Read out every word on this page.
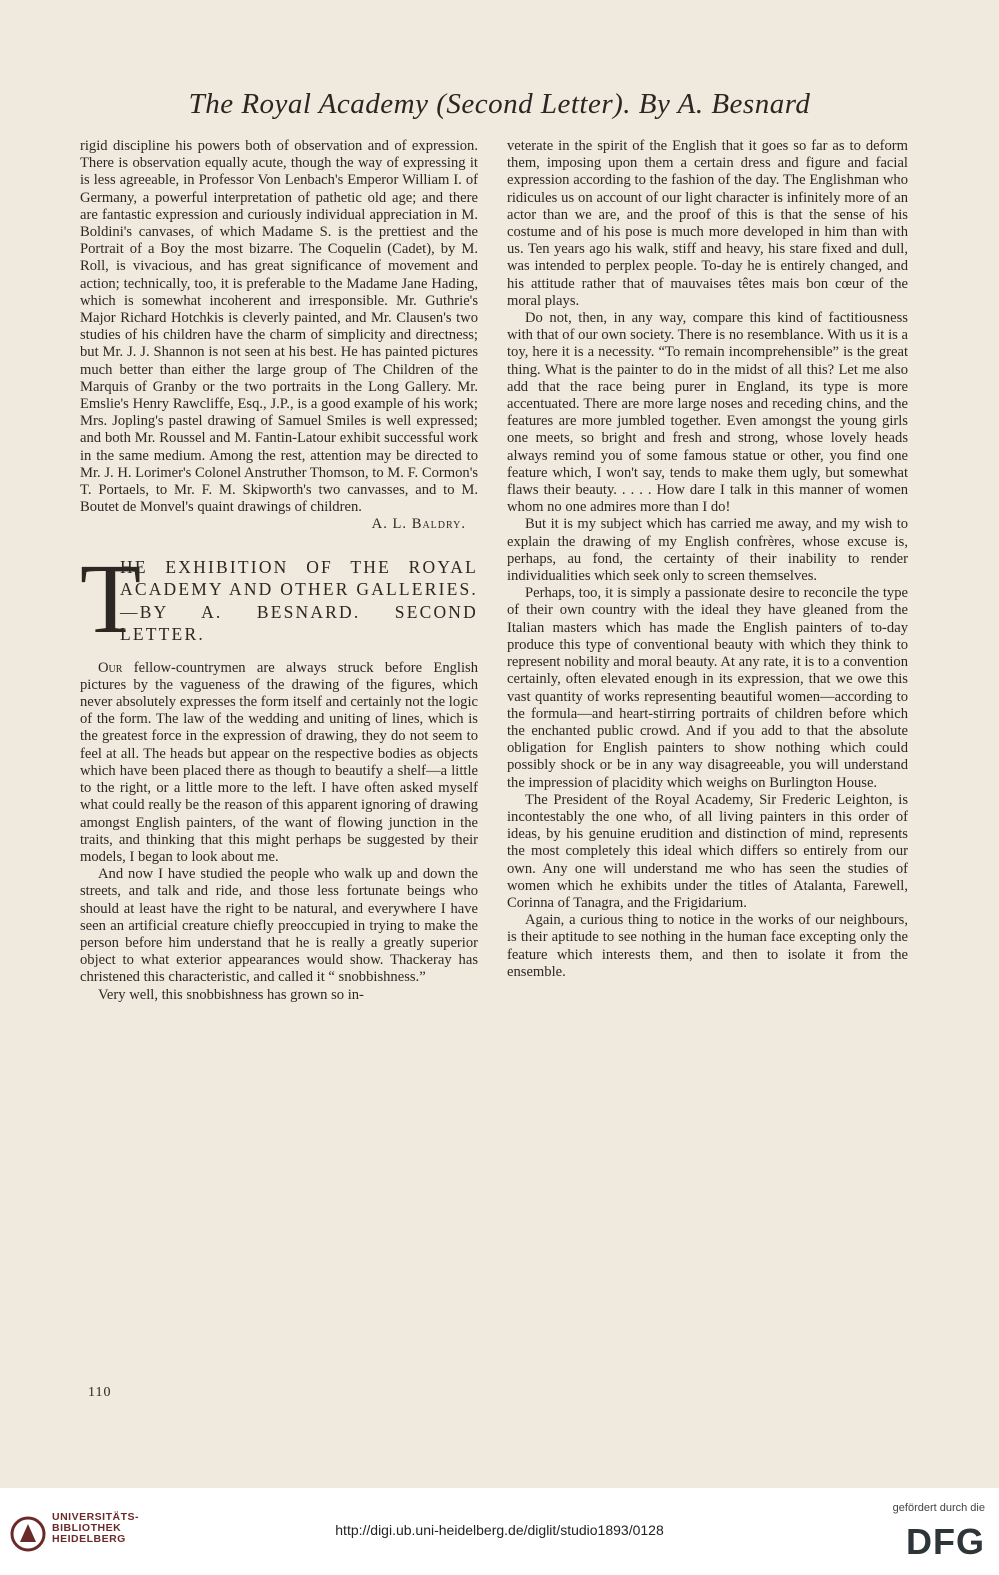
The Royal Academy (Second Letter). By A. Besnard

rigid discipline his powers both of observation and of expression. There is observation equally acute, though the way of expressing it is less agreeable, in Professor Von Lenbach's Emperor William I. of Germany, a powerful interpretation of pathetic old age; and there are fantastic expression and curiously individual appreciation in M. Boldini's canvases, of which Madame S. is the prettiest and the Portrait of a Boy the most bizarre. The Coquelin (Cadet), by M. Roll, is vivacious, and has great significance of movement and action; technically, too, it is preferable to the Madame Jane Hading, which is somewhat incoherent and irresponsible. Mr. Guthrie's Major Richard Hotchkis is cleverly painted, and Mr. Clausen's two studies of his children have the charm of simplicity and directness; but Mr. J. J. Shannon is not seen at his best. He has painted pictures much better than either the large group of The Children of the Marquis of Granby or the two portraits in the Long Gallery. Mr. Emslie's Henry Rawcliffe, Esq., J.P., is a good example of his work; Mrs. Jopling's pastel drawing of Samuel Smiles is well expressed; and both Mr. Roussel and M. Fantin-Latour exhibit successful work in the same medium. Among the rest, attention may be directed to Mr. J. H. Lorimer's Colonel Anstruther Thomson, to M. F. Cormon's T. Portaels, to Mr. F. M. Skipworth's two canvasses, and to M. Boutet de Monvel's quaint drawings of children.

A. L. Baldry.
T
HE EXHIBITION OF THE ROYAL ACADEMY AND OTHER GALLERIES.—BY A. BESNARD. SECOND LETTER.

Our fellow-countrymen are always struck before English pictures by the vagueness of the drawing of the figures, which never absolutely expresses the form itself and certainly not the logic of the form. The law of the wedding and uniting of lines, which is the greatest force in the expression of drawing, they do not seem to feel at all. The heads but appear on the respective bodies as objects which have been placed there as though to beautify a shelf—a little to the right, or a little more to the left. I have often asked myself what could really be the reason of this apparent ignoring of drawing amongst English painters, of the want of flowing junction in the traits, and thinking that this might perhaps be suggested by their models, I began to look about me.

And now I have studied the people who walk up and down the streets, and talk and ride, and those less fortunate beings who should at least have the right to be natural, and everywhere I have seen an artificial creature chiefly preoccupied in trying to make the person before him understand that he is really a greatly superior object to what exterior appearances would show. Thackeray has christened this characteristic, and called it “ snobbishness.”

Very well, this snobbishness has grown so in-

veterate in the spirit of the English that it goes so far as to deform them, imposing upon them a certain dress and figure and facial expression according to the fashion of the day. The Englishman who ridicules us on account of our light character is infinitely more of an actor than we are, and the proof of this is that the sense of his costume and of his pose is much more developed in him than with us. Ten years ago his walk, stiff and heavy, his stare fixed and dull, was intended to perplex people. To-day he is entirely changed, and his attitude rather that of mauvaises têtes mais bon cœur of the moral plays.

Do not, then, in any way, compare this kind of factitiousness with that of our own society. There is no resemblance. With us it is a toy, here it is a necessity. “To remain incomprehensible” is the great thing. What is the painter to do in the midst of all this? Let me also add that the race being purer in England, its type is more accentuated. There are more large noses and receding chins, and the features are more jumbled together. Even amongst the young girls one meets, so bright and fresh and strong, whose lovely heads always remind you of some famous statue or other, you find one feature which, I won't say, tends to make them ugly, but somewhat flaws their beauty. . . . . How dare I talk in this manner of women whom no one admires more than I do!

But it is my subject which has carried me away, and my wish to explain the drawing of my English confrères, whose excuse is, perhaps, au fond, the certainty of their inability to render individualities which seek only to screen themselves.

Perhaps, too, it is simply a passionate desire to reconcile the type of their own country with the ideal they have gleaned from the Italian masters which has made the English painters of to-day produce this type of conventional beauty with which they think to represent nobility and moral beauty. At any rate, it is to a convention certainly, often elevated enough in its expression, that we owe this vast quantity of works representing beautiful women—according to the formula—and heart-stirring portraits of children before which the enchanted public crowd. And if you add to that the absolute obligation for English painters to show nothing which could possibly shock or be in any way disagreeable, you will understand the impression of placidity which weighs on Burlington House.

The President of the Royal Academy, Sir Frederic Leighton, is incontestably the one who, of all living painters in this order of ideas, by his genuine erudition and distinction of mind, represents the most completely this ideal which differs so entirely from our own. Any one will understand me who has seen the studies of women which he exhibits under the titles of Atalanta, Farewell, Corinna of Tanagra, and the Frigidarium.

Again, a curious thing to notice in the works of our neighbours, is their aptitude to see nothing in the human face excepting only the feature which interests them, and then to isolate it from the ensemble.

110
UNIVERSITÄTS-
BIBLIOTHEK
HEIDELBERG
http://digi.ub.uni-heidelberg.de/diglit/studio1893/0128
gefördert durch die
DFG
